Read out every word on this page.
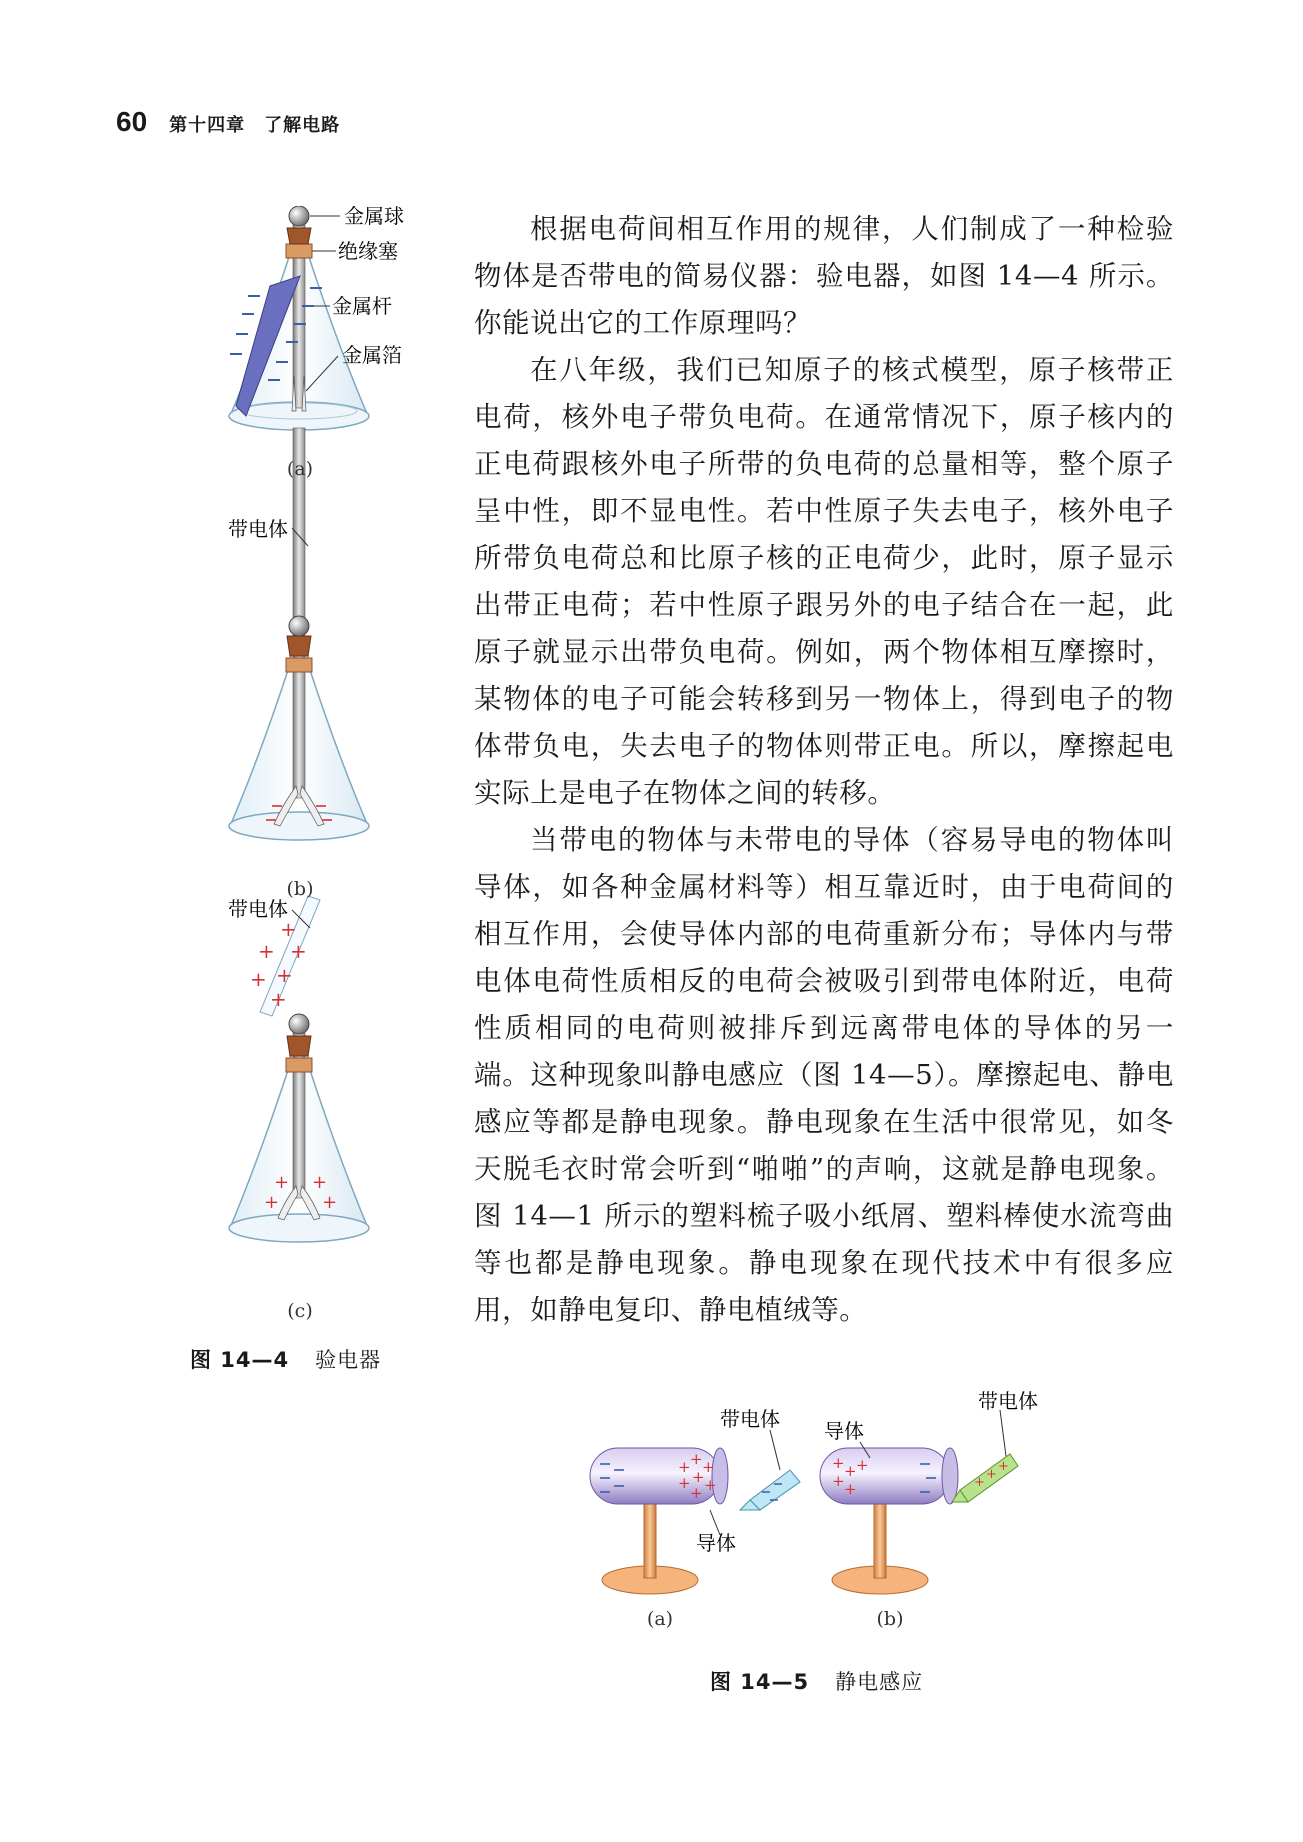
60 第十四章　了解电路
金属球
绝缘塞
金属杆
金属箔
带电体
+
+ +
+
+
+
+ +
+ +
带电体
(a)
(b)
(c)
图 14—4 验电器

根据电荷间相互作用的规律，人们制成了一种检验物体是否带电的简易仪器：验电器，如图 14—4 所示。你能说出它的工作原理吗？

在八年级，我们已知原子的核式模型，原子核带正电荷，核外电子带负电荷。在通常情况下，原子核内的正电荷跟核外电子所带的负电荷的总量相等，整个原子呈中性，即不显电性。若中性原子失去电子，核外电子所带负电荷总和比原子核的正电荷少，此时，原子显示出带正电荷；若中性原子跟另外的电子结合在一起，此原子就显示出带负电荷。例如，两个物体相互摩擦时，某物体的电子可能会转移到另一物体上，得到电子的物体带负电，失去电子的物体则带正电。所以，摩擦起电实际上是电子在物体之间的转移。

当带电的物体与未带电的导体（容易导电的物体叫导体，如各种金属材料等）相互靠近时，由于电荷间的相互作用，会使导体内部的电荷重新分布；导体内与带电体电荷性质相反的电荷会被吸引到带电体附近，电荷性质相同的电荷则被排斥到远离带电体的导体的另一端。这种现象叫静电感应（图 14—5）。摩擦起电、静电感应等都是静电现象。静电现象在生活中很常见，如冬天脱毛衣时常会听到“啪啪”的声响，这就是静电现象。图 14—1 所示的塑料梳子吸小纸屑、塑料棒使水流弯曲等也都是静电现象。静电现象在现代技术中有很多应用，如静电复印、静电植绒等。

+ +
+ +
+
+
+
导体
带电体
+ +
+ +
+
+
+
+
导体
带电体
(a)	(b)
图 14—5 静电感应
